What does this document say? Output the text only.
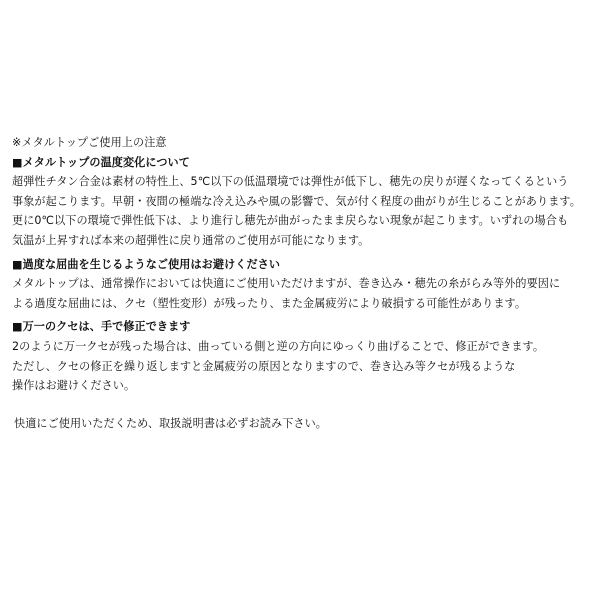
※メタルトップご使用上の注意
■メタルトップの温度変化について
超弾性チタン合金は素材の特性上、5℃以下の低温環境では弾性が低下し、穂先の戻りが遅くなってくるという
事象が起こります。早朝・夜間の極端な冷え込みや風の影響で、気が付く程度の曲がりが生じることがあります。
更に0℃以下の環境で弾性低下は、より進行し穂先が曲がったまま戻らない現象が起こります。いずれの場合も
気温が上昇すれば本来の超弾性に戻り通常のご使用が可能になります。
■過度な屈曲を生じるようなご使用はお避けください
メタルトップは、通常操作においては快適にご使用いただけますが、巻き込み・穂先の糸がらみ等外的要因に
よる過度な屈曲には、クセ（塑性変形）が残ったり、また金属疲労により破損する可能性があります。
■万一のクセは、手で修正できます
2のように万一クセが残った場合は、曲っている側と逆の方向にゆっくり曲げることで、修正ができます。
ただし、クセの修正を繰り返しますと金属疲労の原因となりますので、巻き込み等クセが残るような
操作はお避けください。
快適にご使用いただくため、取扱説明書は必ずお読み下さい。
